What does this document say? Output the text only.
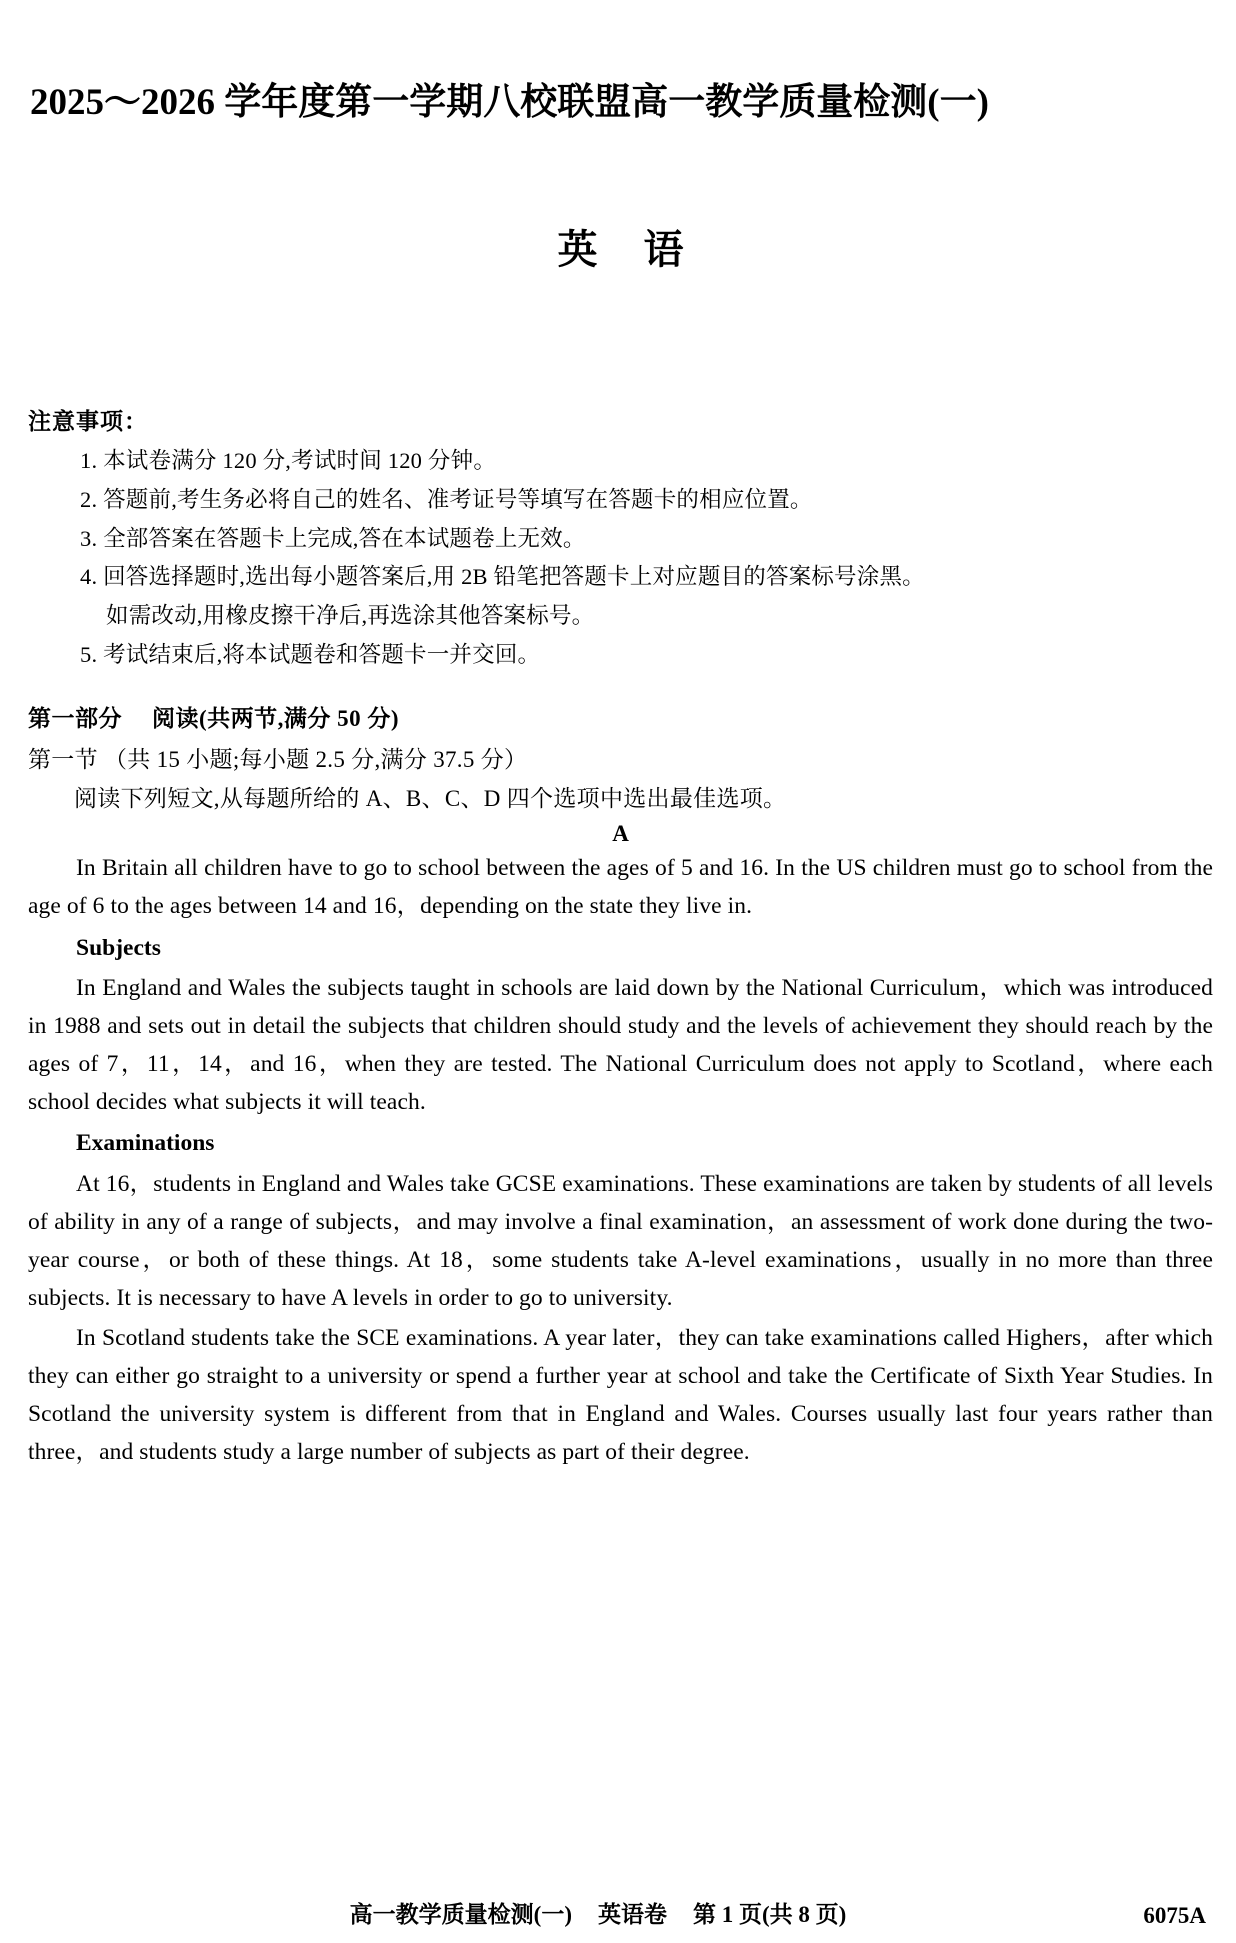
2025～2026 学年度第一学期八校联盟高一教学质量检测(一)
英语
注意事项：
1. 本试卷满分 120 分,考试时间 120 分钟。
2. 答题前,考生务必将自己的姓名、准考证号等填写在答题卡的相应位置。
3. 全部答案在答题卡上完成,答在本试题卷上无效。
4. 回答选择题时,选出每小题答案后,用 2B 铅笔把答题卡上对应题目的答案标号涂黑。
如需改动,用橡皮擦干净后,再选涂其他答案标号。
5. 考试结束后,将本试题卷和答题卡一并交回。
第一部分 阅读(共两节,满分 50 分)
第一节 （共 15 小题;每小题 2.5 分,满分 37.5 分）
阅读下列短文,从每题所给的 A、B、C、D 四个选项中选出最佳选项。
A

In Britain all children have to go to school between the ages of 5 and 16. In the US children must go to school from the age of 6 to the ages between 14 and 16，depending on the state they live in.

Subjects

In England and Wales the subjects taught in schools are laid down by the National Curriculum，which was introduced in 1988 and sets out in detail the subjects that children should study and the levels of achievement they should reach by the ages of 7，11，14，and 16，when they are tested. The National Curriculum does not apply to Scotland，where each school decides what subjects it will teach.

Examinations

At 16，students in England and Wales take GCSE examinations. These examinations are taken by students of all levels of ability in any of a range of subjects，and may involve a final examination，an assessment of work done during the two-year course，or both of these things. At 18，some students take A-level examinations，usually in no more than three subjects. It is necessary to have A levels in order to go to university.

In Scotland students take the SCE examinations. A year later，they can take examinations called Highers，after which they can either go straight to a university or spend a further year at school and take the Certificate of Sixth Year Studies. In Scotland the university system is different from that in England and Wales. Courses usually last four years rather than three，and students study a large number of subjects as part of their degree.

高一教学质量检测(一) 英语卷 第 1 页(共 8 页)	6075A
